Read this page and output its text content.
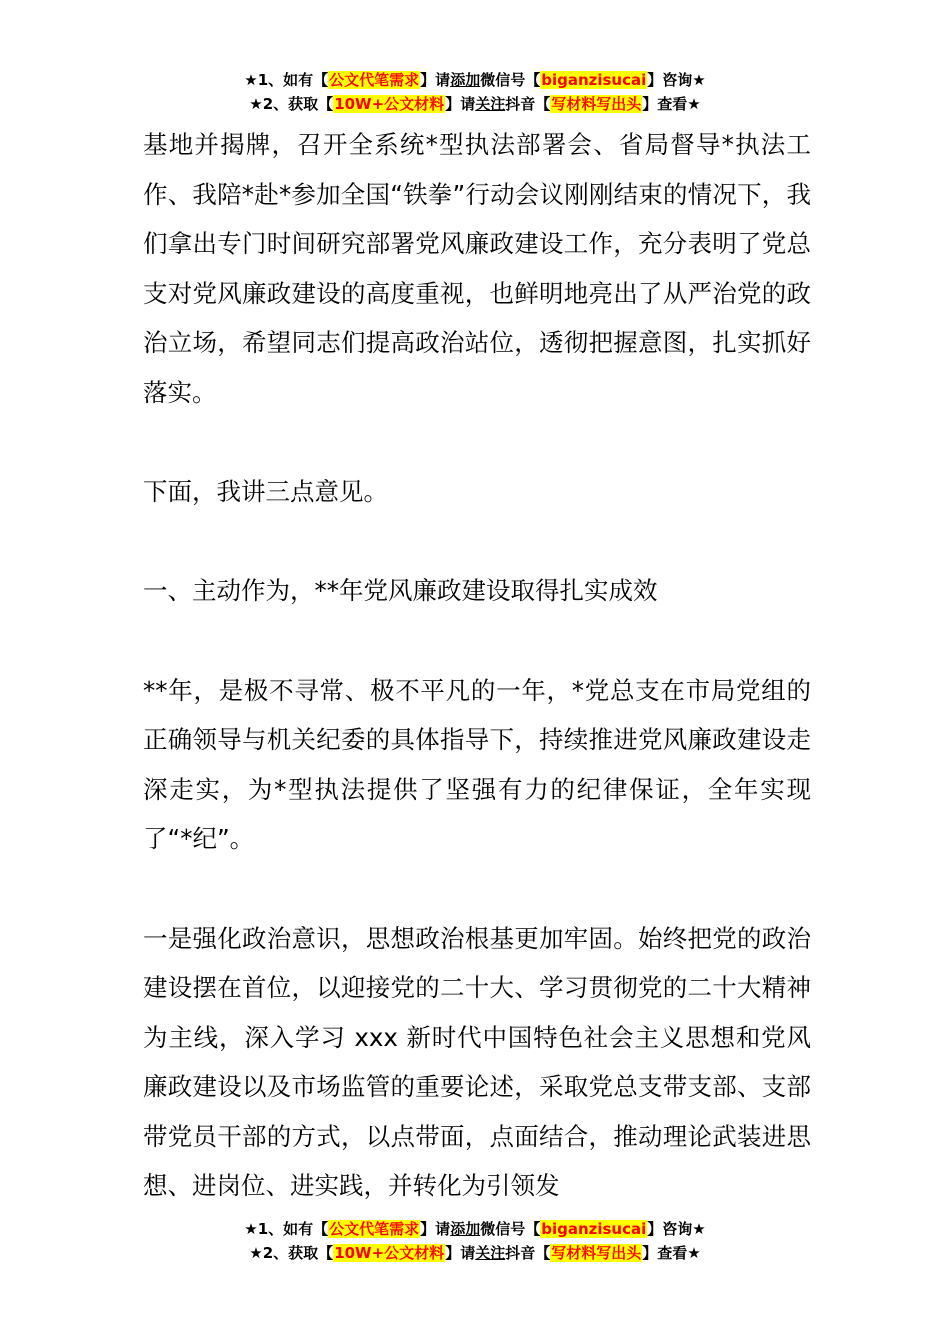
★1、如有【公文代笔需求】请添加微信号【biganzisucai】咨询★
★2、获取【10W+公文材料】请关注抖音【写材料写出头】查看★

基地并揭牌，召开全系统*型执法部署会、省局督导*执法工作、我陪*赴*参加全国“铁拳”行动会议刚刚结束的情况下，我们拿出专门时间研究部署党风廉政建设工作，充分表明了党总支对党风廉政建设的高度重视，也鲜明地亮出了从严治党的政治立场，希望同志们提高政治站位，透彻把握意图，扎实抓好落实。

下面，我讲三点意见。

一、主动作为，**年党风廉政建设取得扎实成效

**年，是极不寻常、极不平凡的一年，*党总支在市局党组的正确领导与机关纪委的具体指导下，持续推进党风廉政建设走深走实，为*型执法提供了坚强有力的纪律保证，全年实现了“*纪”。

一是强化政治意识，思想政治根基更加牢固。始终把党的政治建设摆在首位，以迎接党的二十大、学习贯彻党的二十大精神为主线，深入学习 xxx 新时代中国特色社会主义思想和党风廉政建设以及市场监管的重要论述，采取党总支带支部、支部带党员干部的方式，以点带面，点面结合，推动理论武装进思想、进岗位、进实践，并转化为引领发

★1、如有【公文代笔需求】请添加微信号【biganzisucai】咨询★
★2、获取【10W+公文材料】请关注抖音【写材料写出头】查看★
